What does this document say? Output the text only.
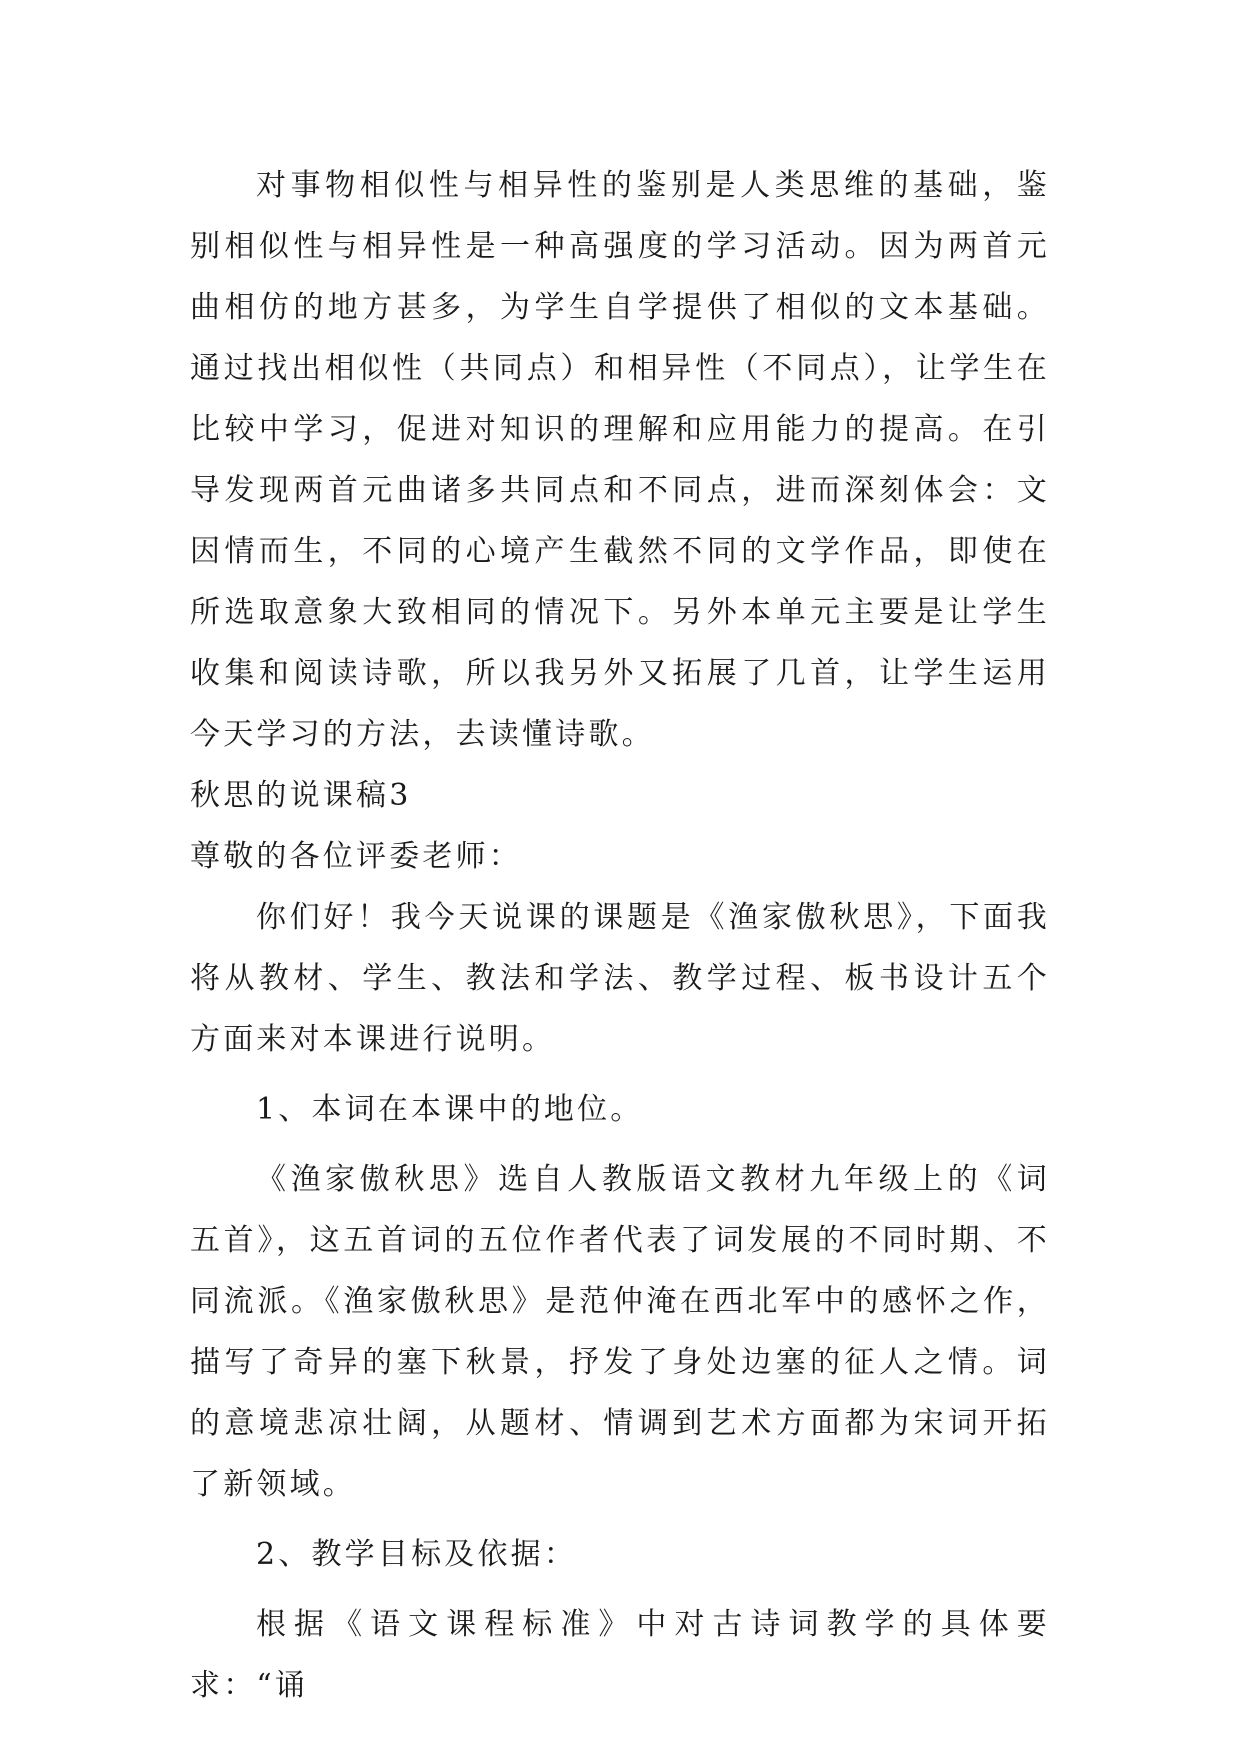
对事物相似性与相异性的鉴别是人类思维的基础，鉴别相似性与相异性是一种高强度的学习活动。因为两首元曲相仿的地方甚多，为学生自学提供了相似的文本基础。通过找出相似性（共同点）和相异性（不同点），让学生在比较中学习，促进对知识的理解和应用能力的提高。在引导发现两首元曲诸多共同点和不同点，进而深刻体会：文因情而生，不同的心境产生截然不同的文学作品，即使在所选取意象大致相同的情况下。另外本单元主要是让学生收集和阅读诗歌，所以我另外又拓展了几首，让学生运用今天学习的方法，去读懂诗歌。

秋思的说课稿3

尊敬的各位评委老师：

你们好！我今天说课的课题是《渔家傲秋思》，下面我将从教材、学生、教法和学法、教学过程、板书设计五个方面来对本课进行说明。

1、本词在本课中的地位。

《渔家傲秋思》选自人教版语文教材九年级上的《词五首》，这五首词的五位作者代表了词发展的不同时期、不同流派。《渔家傲秋思》是范仲淹在西北军中的感怀之作，描写了奇异的塞下秋景，抒发了身处边塞的征人之情。词的意境悲凉壮阔，从题材、情调到艺术方面都为宋词开拓了新领域。

2、教学目标及依据：

根据《语文课程标准》中对古诗词教学的具体要求：“诵
